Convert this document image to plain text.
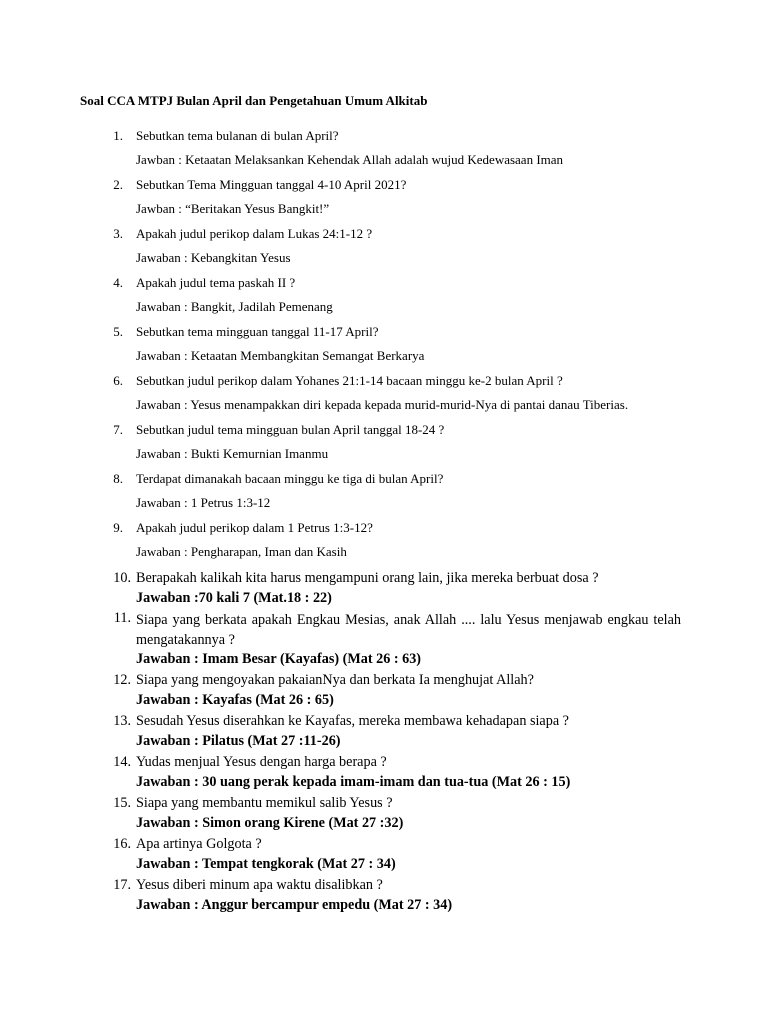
Soal CCA MTPJ Bulan April dan Pengetahuan Umum Alkitab
1. Sebutkan tema bulanan di bulan April?
Jawban : Ketaatan Melaksankan Kehendak Allah adalah wujud Kedewasaan Iman
2. Sebutkan Tema Mingguan tanggal 4-10 April 2021?
Jawban : “Beritakan Yesus Bangkit!”
3. Apakah judul perikop dalam Lukas 24:1-12 ?
Jawaban : Kebangkitan Yesus
4. Apakah judul tema paskah II ?
Jawaban : Bangkit, Jadilah Pemenang
5. Sebutkan tema mingguan tanggal 11-17 April?
Jawaban : Ketaatan Membangkitan Semangat Berkarya
6. Sebutkan judul perikop dalam Yohanes 21:1-14 bacaan minggu ke-2 bulan April ?
Jawaban : Yesus menampakkan diri kepada kepada murid-murid-Nya di pantai danau Tiberias.
7. Sebutkan judul tema mingguan bulan April tanggal 18-24 ?
Jawaban : Bukti Kemurnian Imanmu
8. Terdapat dimanakah bacaan minggu ke tiga di bulan April?
Jawaban : 1 Petrus 1:3-12
9. Apakah judul perikop dalam 1 Petrus 1:3-12?
Jawaban : Pengharapan, Iman dan Kasih
10. Berapakah kalikah kita harus mengampuni orang lain, jika mereka berbuat dosa ?
Jawaban :70 kali 7 (Mat.18 : 22)
11. Siapa yang berkata apakah Engkau Mesias, anak Allah .... lalu Yesus menjawab engkau telah mengatakannya ?
Jawaban : Imam Besar (Kayafas) (Mat 26 : 63)
12. Siapa yang mengoyakan pakaianNya dan berkata Ia menghujat Allah?
Jawaban : Kayafas (Mat 26 : 65)
13. Sesudah Yesus diserahkan ke Kayafas, mereka membawa kehadapan siapa ?
Jawaban : Pilatus (Mat 27 :11-26)
14. Yudas menjual Yesus dengan harga berapa ?
Jawaban : 30 uang perak kepada imam-imam dan tua-tua (Mat 26 : 15)
15. Siapa yang membantu memikul salib Yesus ?
Jawaban : Simon orang Kirene (Mat 27 :32)
16. Apa artinya Golgota ?
Jawaban : Tempat tengkorak (Mat 27 : 34)
17. Yesus diberi minum apa waktu disalibkan ?
Jawaban : Anggur bercampur empedu (Mat 27 : 34)
